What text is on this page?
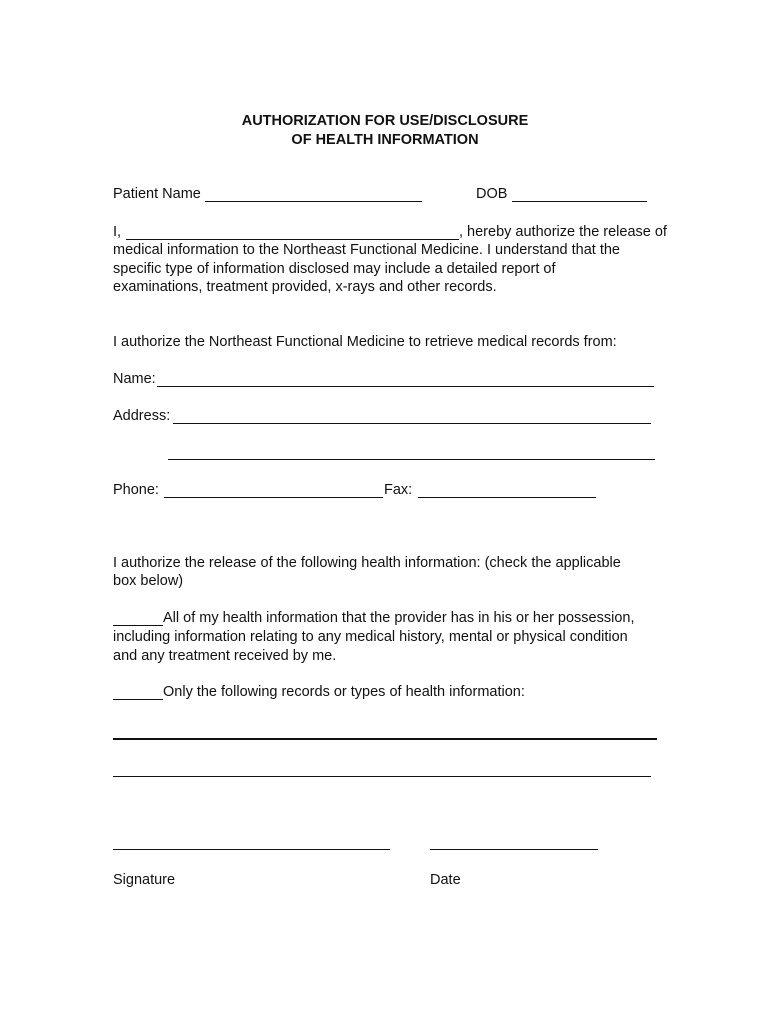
AUTHORIZATION FOR USE/DISCLOSURE
OF HEALTH INFORMATION
Patient Name	DOB
I,	, hereby authorize the release of
medical information to the Northeast Functional Medicine. I understand that the
specific type of information disclosed may include a detailed report of
examinations, treatment provided, x-rays and other records.
I authorize the Northeast Functional Medicine to retrieve medical records from:
Name:
Address:
Phone:	Fax:
I authorize the release of the following health information: (check the applicable
box below)
All of my health information that the provider has in his or her possession,
including information relating to any medical history, mental or physical condition
and any treatment received by me.
Only the following records or types of health information:
Signature	Date
